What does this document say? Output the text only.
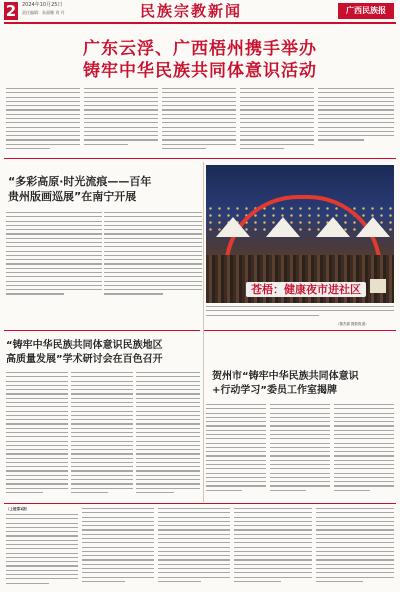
2	2024年10月25日
责任编辑：朱丽娜 刘 丹	民族宗教新闻	广西民族报
广东云浮、广西梧州携手举办
铸牢中华民族共同体意识活动
“多彩高原·时光流痕——百年
贵州版画巡展”在南宁开展
苍梧：健康夜市进社区
（黎杰源 摄影报道）
“铸牢中华民族共同体意识民族地区
高质量发展”学术研讨会在百色召开
贺州市“铸牢中华民族共同体意识
+行动学习”委员工作室揭牌
（上接第1版）
